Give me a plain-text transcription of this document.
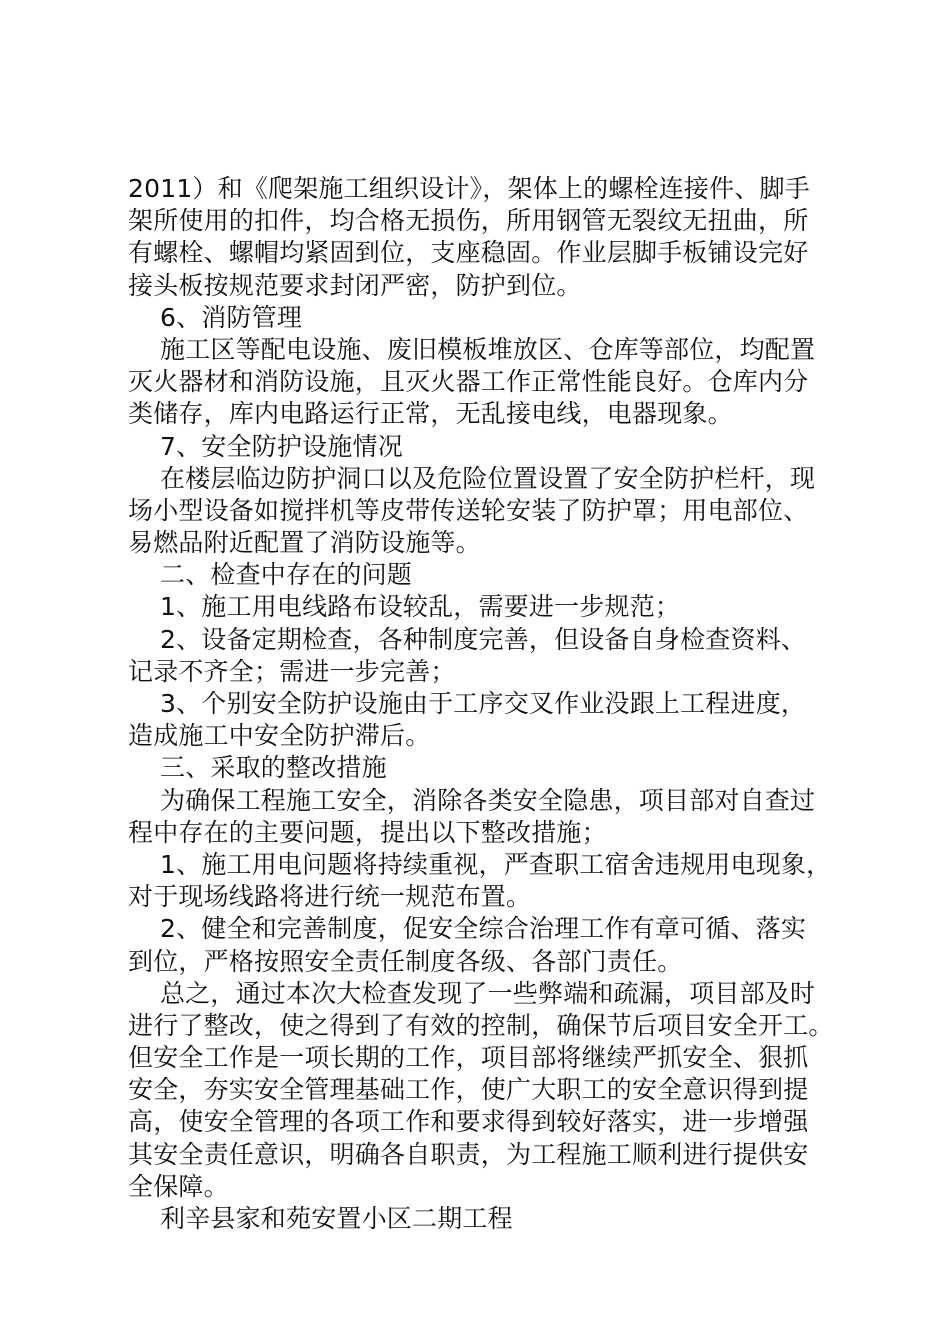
2011）和《爬架施工组织设计》，架体上的螺栓连接件、脚手
架所使用的扣件，均合格无损伤，所用钢管无裂纹无扭曲，所
有螺栓、螺帽均紧固到位，支座稳固。作业层脚手板铺设完好
接头板按规范要求封闭严密，防护到位。
6、消防管理
施工区等配电设施、废旧模板堆放区、仓库等部位，均配置
灭火器材和消防设施，且灭火器工作正常性能良好。仓库内分
类储存，库内电路运行正常，无乱接电线，电器现象。
7、安全防护设施情况
在楼层临边防护洞口以及危险位置设置了安全防护栏杆，现
场小型设备如搅拌机等皮带传送轮安装了防护罩；用电部位、
易燃品附近配置了消防设施等。
二、检查中存在的问题
1、施工用电线路布设较乱，需要进一步规范；
2、设备定期检查，各种制度完善，但设备自身检查资料、
记录不齐全；需进一步完善；
3、个别安全防护设施由于工序交叉作业没跟上工程进度，
造成施工中安全防护滞后。
三、采取的整改措施
为确保工程施工安全，消除各类安全隐患，项目部对自查过
程中存在的主要问题，提出以下整改措施；
1、施工用电问题将持续重视，严查职工宿舍违规用电现象，
对于现场线路将进行统一规范布置。
2、健全和完善制度，促安全综合治理工作有章可循、落实
到位，严格按照安全责任制度各级、各部门责任。
总之，通过本次大检查发现了一些弊端和疏漏，项目部及时
进行了整改，使之得到了有效的控制，确保节后项目安全开工。
但安全工作是一项长期的工作，项目部将继续严抓安全、狠抓
安全，夯实安全管理基础工作，使广大职工的安全意识得到提
高，使安全管理的各项工作和要求得到较好落实，进一步增强
其安全责任意识，明确各自职责，为工程施工顺利进行提供安
全保障。
利辛县家和苑安置小区二期工程
